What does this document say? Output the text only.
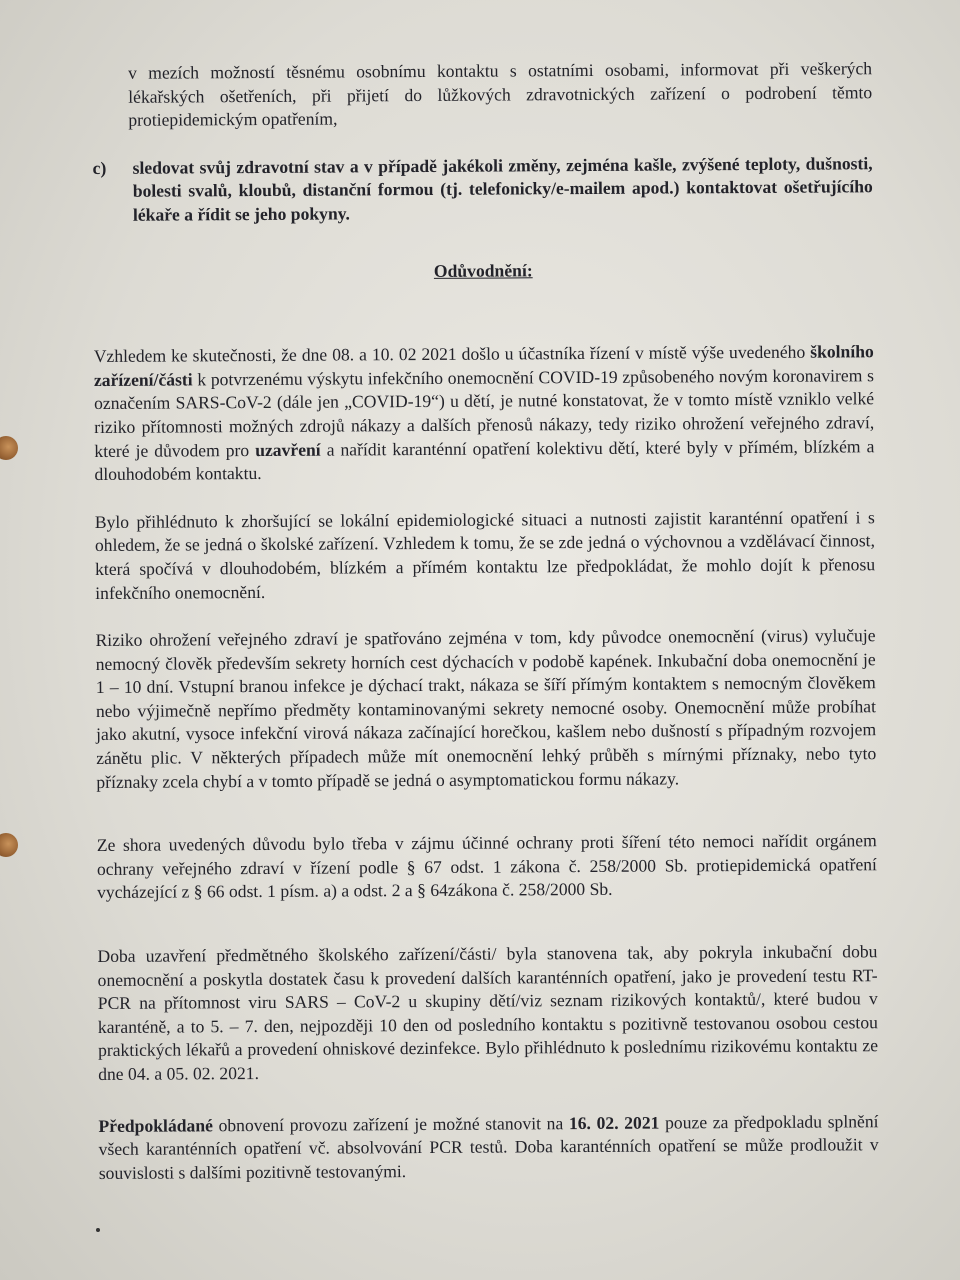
v mezích možností těsnému osobnímu kontaktu s ostatními osobami, informovat při veškerých lékařských ošetřeních, při přijetí do lůžkových zdravotnických zařízení o podrobení těmto protiepidemickým opatřením,
c)	sledovat svůj zdravotní stav a v případě jakékoli změny, zejména kašle, zvýšené teploty, dušnosti, bolesti svalů, kloubů, distanční formou (tj. telefonicky/e-mailem apod.) kontaktovat ošetřujícího lékaře a řídit se jeho pokyny.
Odůvodnění:

Vzhledem ke skutečnosti, že dne 08. a 10. 02 2021 došlo u účastníka řízení v místě výše uvedeného školního zařízení/části k potvrzenému výskytu infekčního onemocnění COVID-19 způsobeného novým koronavirem s označením SARS-CoV-2 (dále jen „COVID-19“) u dětí, je nutné konstatovat, že v tomto místě vzniklo velké riziko přítomnosti možných zdrojů nákazy a dalších přenosů nákazy, tedy riziko ohrožení veřejného zdraví, které je důvodem pro uzavření a nařídit karanténní opatření kolektivu dětí, které byly v přímém, blízkém a dlouhodobém kontaktu.

Bylo přihlédnuto k zhoršující se lokální epidemiologické situaci a nutnosti zajistit karanténní opatření i s ohledem, že se jedná o školské zařízení. Vzhledem k tomu, že se zde jedná o výchovnou a vzdělávací činnost, která spočívá v dlouhodobém, blízkém a přímém kontaktu lze předpokládat, že mohlo dojít k přenosu infekčního onemocnění.

Riziko ohrožení veřejného zdraví je spatřováno zejména v tom, kdy původce onemocnění (virus) vylučuje nemocný člověk především sekrety horních cest dýchacích v podobě kapének. Inkubační doba onemocnění je 1 – 10 dní. Vstupní branou infekce je dýchací trakt, nákaza se šíří přímým kontaktem s nemocným člověkem nebo výjimečně nepřímo předměty kontaminovanými sekrety nemocné osoby. Onemocnění může probíhat jako akutní, vysoce infekční virová nákaza začínající horečkou, kašlem nebo dušností s případným rozvojem zánětu plic. V některých případech může mít onemocnění lehký průběh s mírnými příznaky, nebo tyto příznaky zcela chybí a v tomto případě se jedná o asymptomatickou formu nákazy.

Ze shora uvedených důvodu bylo třeba v zájmu účinné ochrany proti šíření této nemoci nařídit orgánem ochrany veřejného zdraví v řízení podle § 67 odst. 1 zákona č. 258/2000 Sb. protiepidemická opatření vycházející z § 66 odst. 1 písm. a) a odst. 2 a § 64zákona č. 258/2000 Sb.

Doba uzavření předmětného školského zařízení/části/ byla stanovena tak, aby pokryla inkubační dobu onemocnění a poskytla dostatek času k provedení dalších karanténních opatření, jako je provedení testu RT-PCR na přítomnost viru SARS – CoV-2 u skupiny dětí/viz seznam rizikových kontaktů/, které budou v karanténě, a to 5. – 7. den, nejpozději 10 den od posledního kontaktu s pozitivně testovanou osobou cestou praktických lékařů a provedení ohniskové dezinfekce. Bylo přihlédnuto k poslednímu rizikovému kontaktu ze dne 04. a 05. 02. 2021.

Předpokládané obnovení provozu zařízení je možné stanovit na 16. 02. 2021 pouze za předpokladu splnění všech karanténních opatření vč. absolvování PCR testů. Doba karanténních opatření se může prodloužit v souvislosti s dalšími pozitivně testovanými.
